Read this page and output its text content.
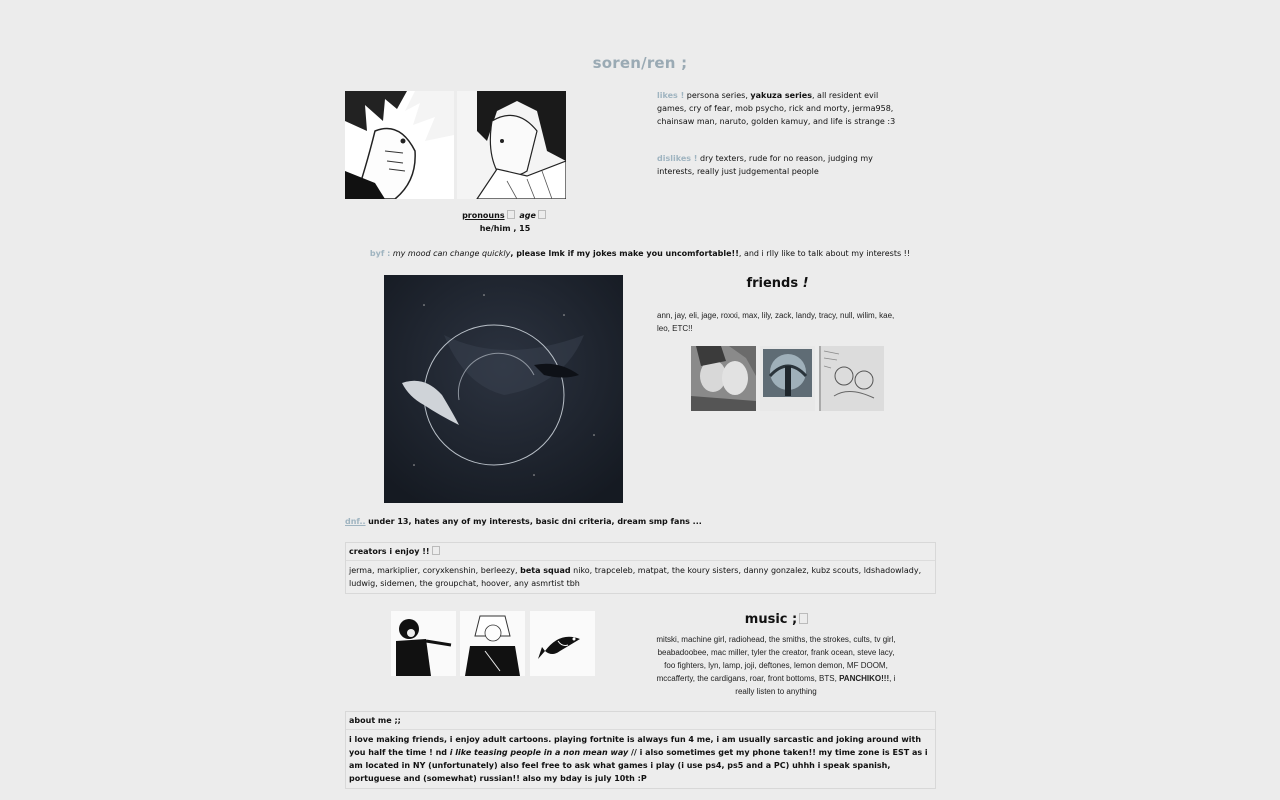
soren/ren ;
pronouns age
he/him , 15
likes ! persona series, yakuza series, all resident evil games, cry of fear, mob psycho, rick and morty, jerma958, chainsaw man, naruto, golden kamuy, and life is strange :3
dislikes ! dry texters, rude for no reason, judging my interests, really just judgemental people
byf : my mood can change quickly, please lmk if my jokes make you uncomfortable!!, and i rlly like to talk about my interests !!
friends !
ann, jay, eli, jage, roxxi, max, lily, zack, landy, tracy, null, wilim, kae, leo, ETC!!
dnf.. under 13, hates any of my interests, basic dni criteria, dream smp fans ...
creators i enjoy !!
jerma, markiplier, coryxkenshin, berleezy, beta squad niko, trapceleb, matpat, the koury sisters, danny gonzalez, kubz scouts, ldshadowlady, ludwig, sidemen, the groupchat, hoover, any asmrtist tbh
music ;
mitski, machine girl, radiohead, the smiths, the strokes, cults, tv girl, beabadoobee, mac miller, tyler the creator, frank ocean, steve lacy, foo fighters, lyn, lamp, joji, deftones, lemon demon, MF DOOM, mccafferty, the cardigans, roar, front bottoms, BTS, PANCHIKO!!!, i really listen to anything
about me ;;
i love making friends, i enjoy adult cartoons. playing fortnite is always fun 4 me, i am usually sarcastic and joking around with you half the time ! nd i like teasing people in a non mean way // i also sometimes get my phone taken!! my time zone is EST as i am located in NY (unfortunately) also feel free to ask what games i play (i use ps4, ps5 and a PC) uhhh i speak spanish, portuguese and (somewhat) russian!! also my bday is july 10th :P
